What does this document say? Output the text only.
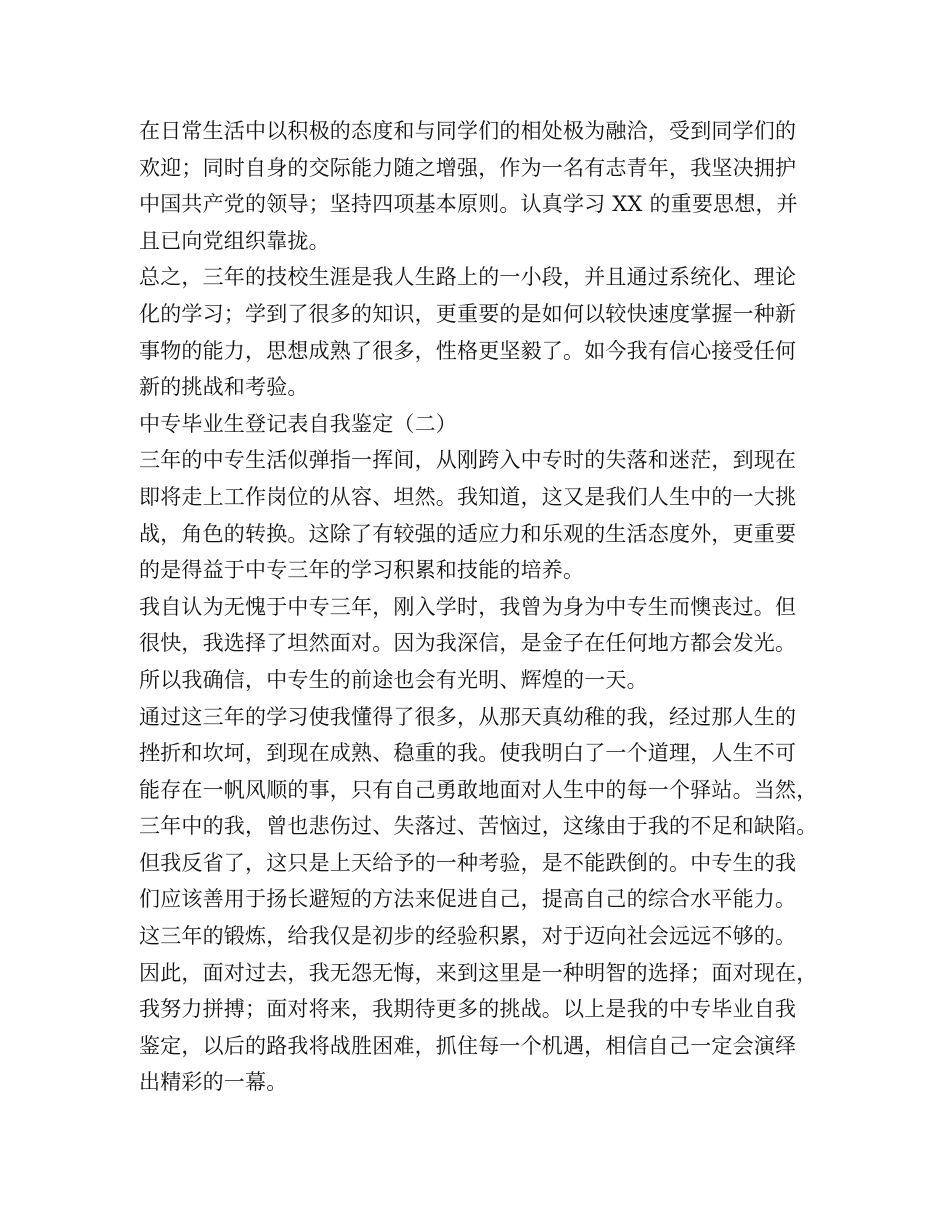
在日常生活中以积极的态度和与同学们的相处极为融洽，受到同学们的
欢迎；同时自身的交际能力随之增强，作为一名有志青年，我坚决拥护
中国共产党的领导；坚持四项基本原则。认真学习 XX 的重要思想，并
且已向党组织靠拢。
总之，三年的技校生涯是我人生路上的一小段，并且通过系统化、理论
化的学习；学到了很多的知识，更重要的是如何以较快速度掌握一种新
事物的能力，思想成熟了很多，性格更坚毅了。如今我有信心接受任何
新的挑战和考验。
中专毕业生登记表自我鉴定（二）
三年的中专生活似弹指一挥间，从刚跨入中专时的失落和迷茫，到现在
即将走上工作岗位的从容、坦然。我知道，这又是我们人生中的一大挑
战，角色的转换。这除了有较强的适应力和乐观的生活态度外，更重要
的是得益于中专三年的学习积累和技能的培养。
我自认为无愧于中专三年，刚入学时，我曾为身为中专生而懊丧过。但
很快，我选择了坦然面对。因为我深信，是金子在任何地方都会发光。
所以我确信，中专生的前途也会有光明、辉煌的一天。
通过这三年的学习使我懂得了很多，从那天真幼稚的我，经过那人生的
挫折和坎坷，到现在成熟、稳重的我。使我明白了一个道理，人生不可
能存在一帆风顺的事，只有自己勇敢地面对人生中的每一个驿站。当然，
三年中的我，曾也悲伤过、失落过、苦恼过，这缘由于我的不足和缺陷。
但我反省了，这只是上天给予的一种考验，是不能跌倒的。中专生的我
们应该善用于扬长避短的方法来促进自己，提高自己的综合水平能力。
这三年的锻炼，给我仅是初步的经验积累，对于迈向社会远远不够的。
因此，面对过去，我无怨无悔，来到这里是一种明智的选择；面对现在，
我努力拼搏；面对将来，我期待更多的挑战。以上是我的中专毕业自我
鉴定，以后的路我将战胜困难，抓住每一个机遇，相信自己一定会演绎
出精彩的一幕。
